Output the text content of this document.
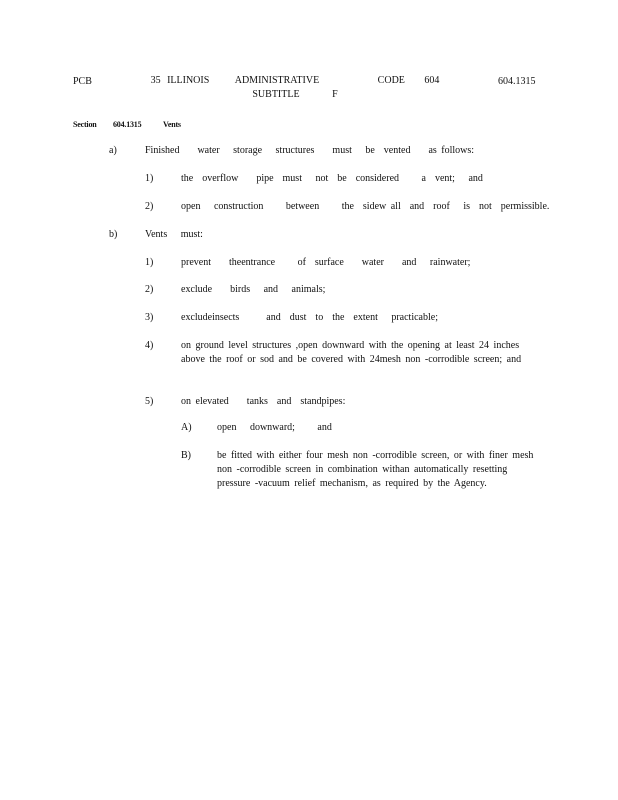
PCB	35 ILLINOIS    ADMINISTRATIVE         CODE   604
SUBTITLE     F
604.1315
Section 604.1315	Vents
a)	Finished    water   storage   structures    must   be  vented    as follows:
1)	the  overflow    pipe  must   not  be  considered     a  vent;   and
2)	open   construction     between     the  sidew all  and  roof   is  not  permissible.
b)	Vents   must:
1)	prevent    theentrance     of  surface    water    and   rainwater;
2)	exclude    birds   and   animals;
3)	excludeinsects      and  dust  to  the  extent   practicable;
4)	on ground level structures ,open downward with the opening at least 24 inches above the roof or sod and be covered with 24mesh non -corrodible screen; and
5)	on elevated    tanks  and  standpipes:
A)	open   downward;     and
B)	be fitted with either four mesh non -corrodible screen, or with finer mesh non -corrodible screen in combination withan automatically resetting pressure -vacuum relief mechanism, as required by the Agency.
